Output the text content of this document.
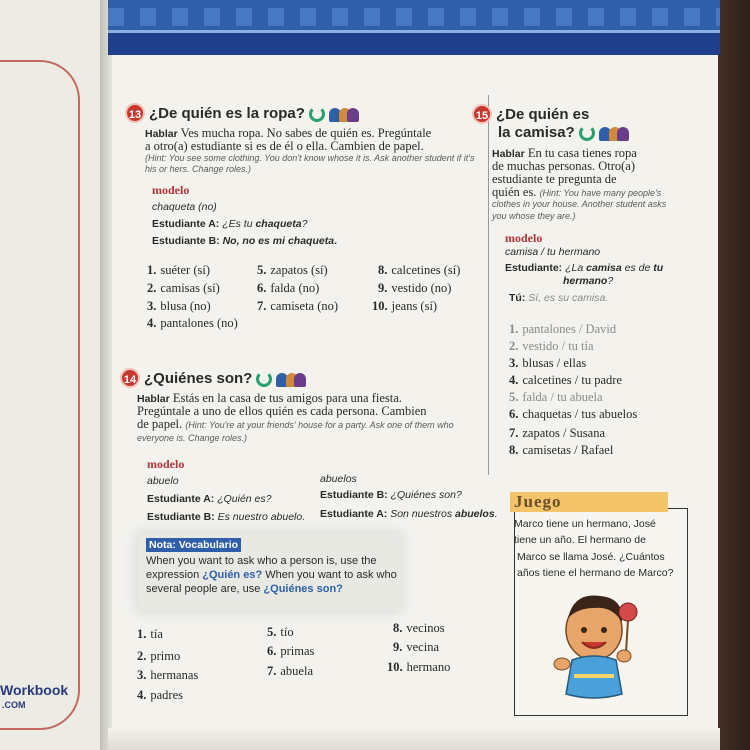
Workbook
.COM
13 ¿De quién es la ropa?
Hablar Ves mucha ropa. No sabes de quién es. Pregúntale
a otro(a) estudiante si es de él o ella. Cambien de papel.
(Hint: You see some clothing. You don't know whose it is. Ask another student if it's
his or hers. Change roles.)
modelo
chaqueta (no)
Estudiante A: ¿Es tu chaqueta?
Estudiante B: No, no es mi chaqueta.
1. suéter (sí)
2. camisas (sí)
3. blusa (no)
4. pantalones (no)
5. zapatos (sí)
6. falda (no)
7. camiseta (no)
8. calcetines (sí)
9. vestido (no)
10. jeans (sí)
14 ¿Quiénes son?
Hablar Estás en la casa de tus amigos para una fiesta.
Pregúntale a uno de ellos quién es cada persona. Cambien
de papel. (Hint: You're at your friends' house for a party. Ask one of them who
everyone is. Change roles.)
modelo
abuelo
Estudiante A: ¿Quién es?
Estudiante B: Es nuestro abuelo.
abuelos
Estudiante B: ¿Quiénes son?
Estudiante A: Son nuestros abuelos.
Nota: Vocabulario
When you want to ask who a person is, use the
expression ¿Quién es? When you want to ask who
several people are, use ¿Quiénes son?
1. tía
2. primo
3. hermanas
4. padres
5. tío
6. primas
7. abuela
8. vecinos
9. vecina
10. hermano
15 ¿De quién es
la camisa?
Hablar En tu casa tienes ropa
de muchas personas. Otro(a)
estudiante te pregunta de
quién es. (Hint: You have many people's
clothes in your house. Another student asks
you whose they are.)
modelo
camisa / tu hermano
Estudiante: ¿La camisa es de tu
hermano?
Tú: Sí, es su camisa.
1. pantalones / David
2. vestido / tu tía
3. blusas / ellas
4. calcetines / tu padre
5. falda / tu abuela
6. chaquetas / tus abuelos
7. zapatos / Susana
8. camisetas / Rafael
Juego
Marco tiene un hermano, José
tiene un año. El hermano de
Marco se llama José. ¿Cuántos
años tiene el hermano de Marco?
